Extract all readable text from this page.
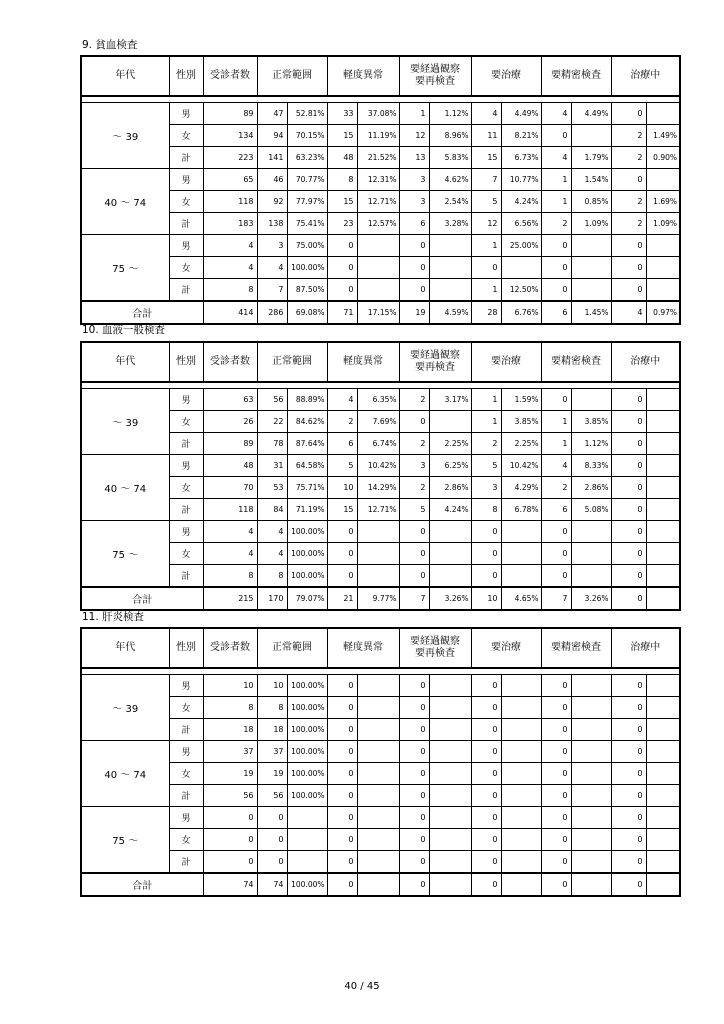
9. 貧血検査
年代	性別	受診者数	正常範囲		軽度異常		要経過観察
要再検査		要治療		要精密検査		治療中	

～ 39	男	89	47	52.81%	33	37.08%	1	1.12%	4	4.49%	4	4.49%	0	
	女	134	94	70.15%	15	11.19%	12	8.96%	11	8.21%	0		2	1.49%
	計	223	141	63.23%	48	21.52%	13	5.83%	15	6.73%	4	1.79%	2	0.90%
40 ～ 74	男	65	46	70.77%	8	12.31%	3	4.62%	7	10.77%	1	1.54%	0	
	女	118	92	77.97%	15	12.71%	3	2.54%	5	4.24%	1	0.85%	2	1.69%
	計	183	138	75.41%	23	12.57%	6	3.28%	12	6.56%	2	1.09%	2	1.09%
75 ～	男	4	3	75.00%	0		0		1	25.00%	0		0	
	女	4	4	100.00%	0		0		0		0		0	
	計	8	7	87.50%	0		0		1	12.50%	0		0	
合計		414	286	69.08%	71	17.15%	19	4.59%	28	6.76%	6	1.45%	4	0.97%
10. 血液一般検査
年代	性別	受診者数	正常範囲		軽度異常		要経過観察
要再検査		要治療		要精密検査		治療中	

～ 39	男	63	56	88.89%	4	6.35%	2	3.17%	1	1.59%	0		0	
	女	26	22	84.62%	2	7.69%	0		1	3.85%	1	3.85%	0	
	計	89	78	87.64%	6	6.74%	2	2.25%	2	2.25%	1	1.12%	0	
40 ～ 74	男	48	31	64.58%	5	10.42%	3	6.25%	5	10.42%	4	8.33%	0	
	女	70	53	75.71%	10	14.29%	2	2.86%	3	4.29%	2	2.86%	0	
	計	118	84	71.19%	15	12.71%	5	4.24%	8	6.78%	6	5.08%	0	
75 ～	男	4	4	100.00%	0		0		0		0		0	
	女	4	4	100.00%	0		0		0		0		0	
	計	8	8	100.00%	0		0		0		0		0	
合計		215	170	79.07%	21	9.77%	7	3.26%	10	4.65%	7	3.26%	0	
11. 肝炎検査
年代	性別	受診者数	正常範囲		軽度異常		要経過観察
要再検査		要治療		要精密検査		治療中	

～ 39	男	10	10	100.00%	0		0		0		0		0	
	女	8	8	100.00%	0		0		0		0		0	
	計	18	18	100.00%	0		0		0		0		0	
40 ～ 74	男	37	37	100.00%	0		0		0		0		0	
	女	19	19	100.00%	0		0		0		0		0	
	計	56	56	100.00%	0		0		0		0		0	
75 ～	男	0	0		0		0		0		0		0	
	女	0	0		0		0		0		0		0	
	計	0	0		0		0		0		0		0	
合計		74	74	100.00%	0		0		0		0		0	
40 / 45
